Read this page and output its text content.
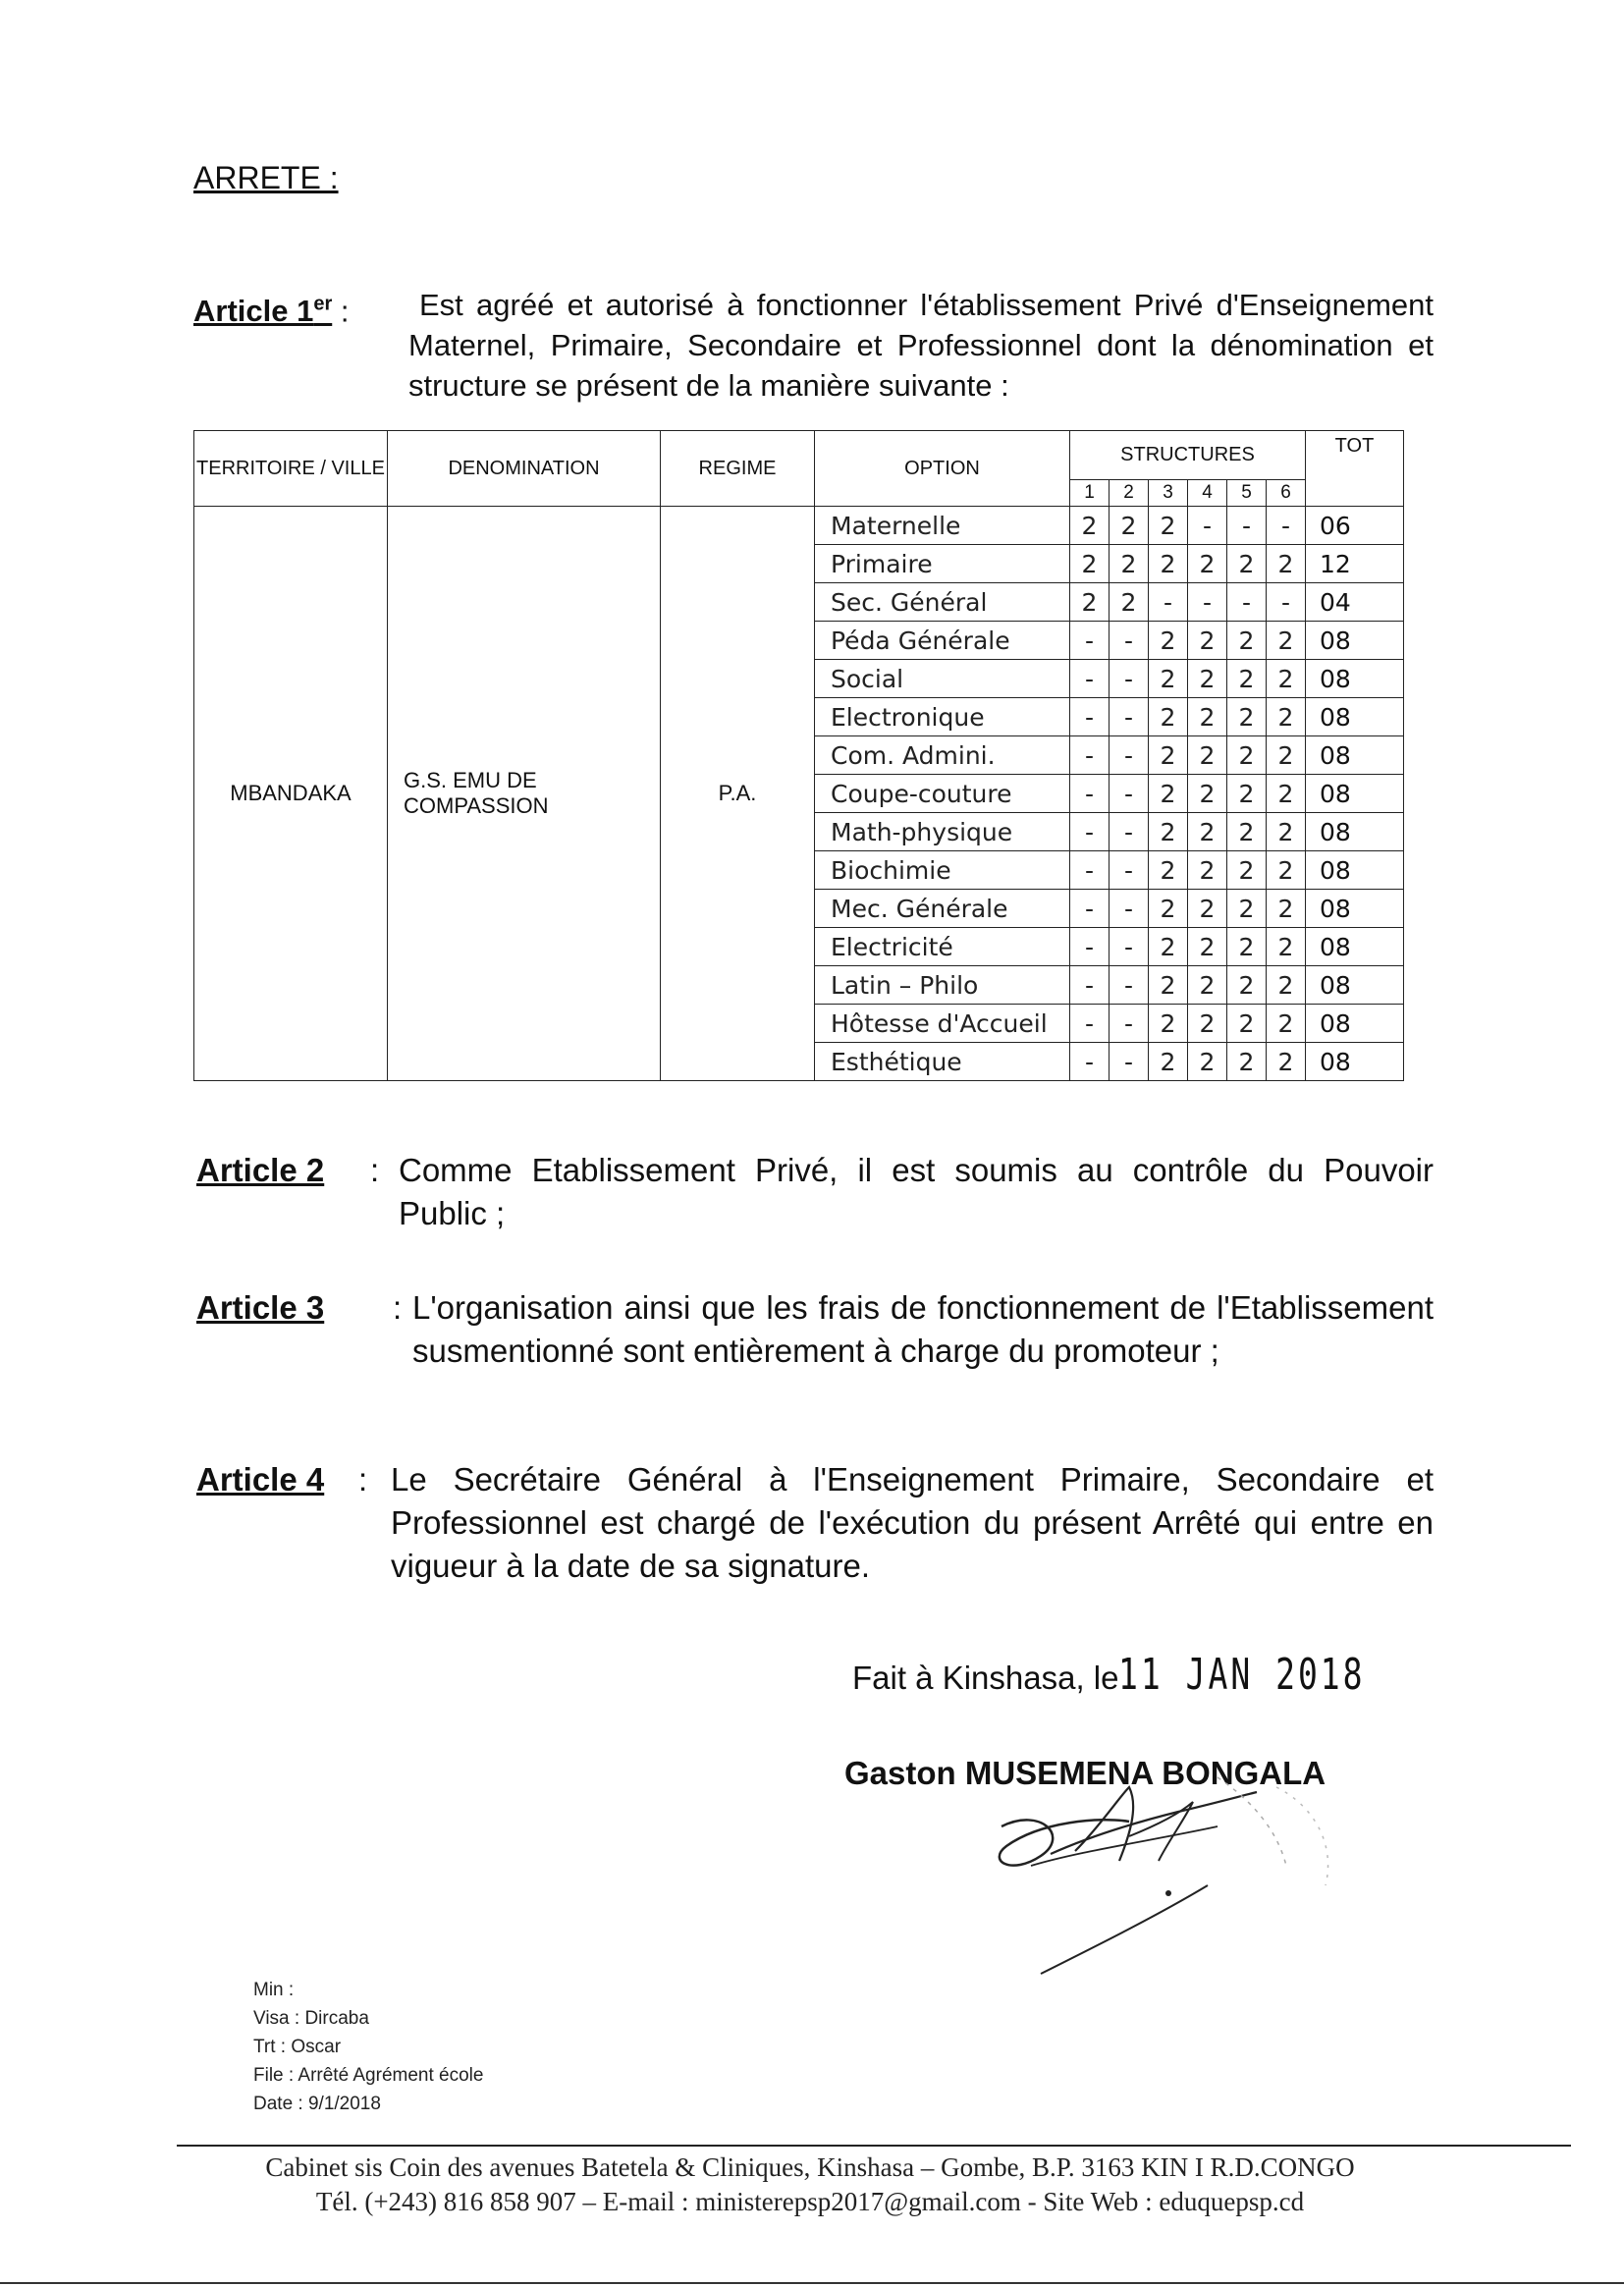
ARRETE :
Article 1er :	Est agréé et autorisé à fonctionner l'établissement Privé d'Enseignement Maternel, Primaire, Secondaire et Professionnel dont la dénomination et structure se présent de la manière suivante :
TERRITOIRE / VILLE	DENOMINATION	REGIME	OPTION	STRUCTURES						TOT
				1	2	3	4	5	6	
MBANDAKA	G.S. EMU DE COMPASSION	P.A.	Maternelle	2	2	2	-	-	-	06
			Primaire	2	2	2	2	2	2	12
			Sec. Général	2	2	-	-	-	-	04
			Péda Générale	-	-	2	2	2	2	08
			Social	-	-	2	2	2	2	08
			Electronique	-	-	2	2	2	2	08
			Com. Admini.	-	-	2	2	2	2	08
			Coupe-couture	-	-	2	2	2	2	08
			Math-physique	-	-	2	2	2	2	08
			Biochimie	-	-	2	2	2	2	08
			Mec. Générale	-	-	2	2	2	2	08
			Electricité	-	-	2	2	2	2	08
			Latin – Philo	-	-	2	2	2	2	08
			Hôtesse d'Accueil	-	-	2	2	2	2	08
			Esthétique	-	-	2	2	2	2	08
Article 2 : Comme Etablissement Privé, il est soumis au contrôle du Pouvoir Public ;
Article 3 : L'organisation ainsi que les frais de fonctionnement de l'Etablissement susmentionné sont entièrement à charge du promoteur ;
Article 4 : Le Secrétaire Général à l'Enseignement Primaire, Secondaire et Professionnel est chargé de l'exécution du présent Arrêté qui entre en vigueur à la date de sa signature.
Fait à Kinshasa, le11 JAN 2018
Gaston MUSEMENA BONGALA
Min :
Visa : Dircaba
Trt : Oscar
File : Arrêté Agrément école
Date : 9/1/2018
Cabinet sis Coin des avenues Batetela & Cliniques, Kinshasa – Gombe, B.P. 3163 KIN I R.D.CONGO
Tél. (+243) 816 858 907 – E-mail : ministerepsp2017@gmail.com - Site Web : eduquepsp.cd
